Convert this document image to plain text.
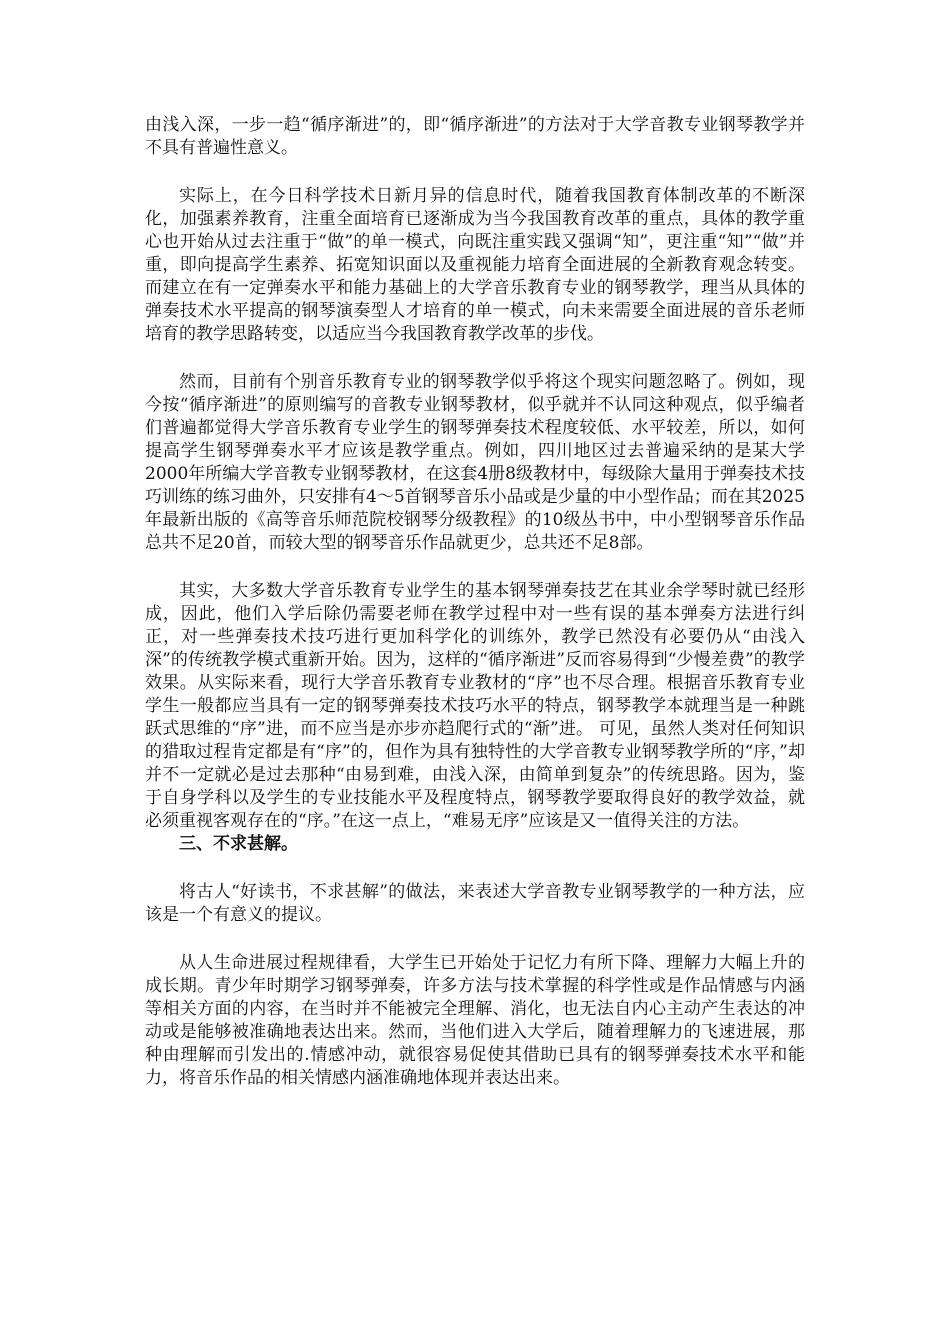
由浅入深，一步一趋“循序渐进”的，即“循序渐进”的方法对于大学音教专业钢琴教学并不具有普遍性意义。

实际上，在今日科学技术日新月异的信息时代，随着我国教育体制改革的不断深化，加强素养教育，注重全面培育已逐渐成为当今我国教育改革的重点，具体的教学重心也开始从过去注重于“做”的单一模式，向既注重实践又强调“知”，更注重“知”“做”并重，即向提高学生素养、拓宽知识面以及重视能力培育全面进展的全新教育观念转变。而建立在有一定弹奏水平和能力基础上的大学音乐教育专业的钢琴教学，理当从具体的弹奏技术水平提高的钢琴演奏型人才培育的单一模式，向未来需要全面进展的音乐老师培育的教学思路转变，以适应当今我国教育教学改革的步伐。

然而，目前有个别音乐教育专业的钢琴教学似乎将这个现实问题忽略了。例如，现今按“循序渐进”的原则编写的音教专业钢琴教材，似乎就并不认同这种观点，似乎编者们普遍都觉得大学音乐教育专业学生的钢琴弹奏技术程度较低、水平较差，所以，如何提高学生钢琴弹奏水平才应该是教学重点。例如，四川地区过去普遍采纳的是某大学2000年所编大学音教专业钢琴教材，在这套4册8级教材中，每级除大量用于弹奏技术技巧训练的练习曲外，只安排有4～5首钢琴音乐小品或是少量的中小型作品；而在其2025年最新出版的《高等音乐师范院校钢琴分级教程》的10级丛书中，中小型钢琴音乐作品总共不足20首，而较大型的钢琴音乐作品就更少，总共还不足8部。

其实，大多数大学音乐教育专业学生的基本钢琴弹奏技艺在其业余学琴时就已经形成，因此，他们入学后除仍需要老师在教学过程中对一些有误的基本弹奏方法进行纠正，对一些弹奏技术技巧进行更加科学化的训练外，教学已然没有必要仍从“由浅入深”的传统教学模式重新开始。因为，这样的“循序渐进”反而容易得到“少慢差费”的教学效果。从实际来看，现行大学音乐教育专业教材的“序”也不尽合理。根据音乐教育专业学生一般都应当具有一定的钢琴弹奏技术技巧水平的特点，钢琴教学本就理当是一种跳跃式思维的“序”进，而不应当是亦步亦趋爬行式的“渐”进。 可见，虽然人类对任何知识的猎取过程肯定都是有“序”的，但作为具有独特性的大学音教专业钢琴教学所的“序，”却并不一定就必是过去那种“由易到难，由浅入深，由简单到复杂”的传统思路。因为，鉴于自身学科以及学生的专业技能水平及程度特点，钢琴教学要取得良好的教学效益，就必须重视客观存在的“序。”在这一点上，“难易无序”应该是又一值得关注的方法。

三、不求甚解。

将古人“好读书，不求甚解”的做法，来表述大学音教专业钢琴教学的一种方法，应该是一个有意义的提议。

从人生命进展过程规律看，大学生已开始处于记忆力有所下降、理解力大幅上升的成长期。青少年时期学习钢琴弹奏，许多方法与技术掌握的科学性或是作品情感与内涵等相关方面的内容，在当时并不能被完全理解、消化，也无法自内心主动产生表达的冲动或是能够被准确地表达出来。然而，当他们进入大学后，随着理解力的飞速进展，那种由理解而引发出的.情感冲动，就很容易促使其借助已具有的钢琴弹奏技术水平和能力，将音乐作品的相关情感内涵准确地体现并表达出来。
